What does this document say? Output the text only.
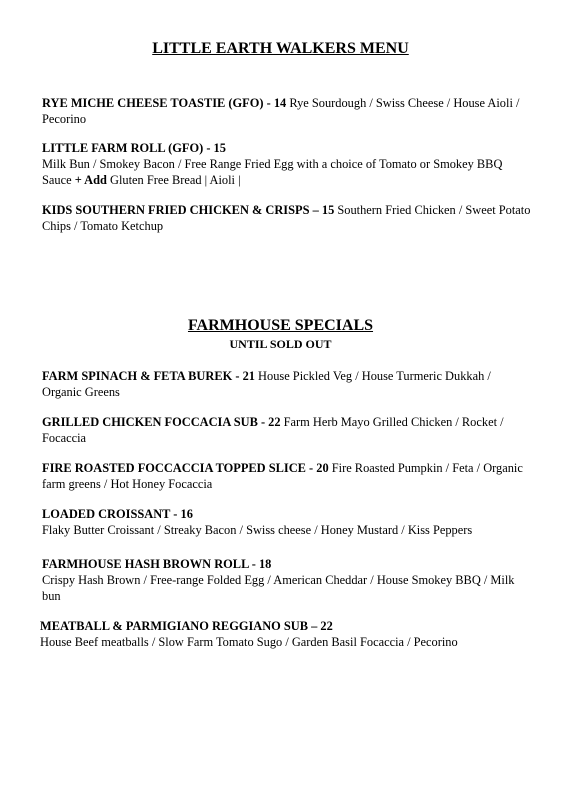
LITTLE EARTH WALKERS MENU

RYE MICHE CHEESE TOASTIE (GFO) - 14 Rye Sourdough / Swiss Cheese / House Aioli / Pecorino

LITTLE FARM ROLL (GFO) - 15
Milk Bun / Smokey Bacon / Free Range Fried Egg with a choice of Tomato or Smokey BBQ Sauce + Add Gluten Free Bread | Aioli |

KIDS SOUTHERN FRIED CHICKEN & CRISPS – 15 Southern Fried Chicken / Sweet Potato Chips / Tomato Ketchup

FARMHOUSE SPECIALS

UNTIL SOLD OUT

FARM SPINACH & FETA BUREK - 21 House Pickled Veg / House Turmeric Dukkah / Organic Greens

GRILLED CHICKEN FOCCACIA SUB - 22 Farm Herb Mayo Grilled Chicken / Rocket / Focaccia

FIRE ROASTED FOCCACCIA TOPPED SLICE - 20 Fire Roasted Pumpkin / Feta / Organic farm greens / Hot Honey Focaccia

LOADED CROISSANT - 16
Flaky Butter Croissant / Streaky Bacon / Swiss cheese / Honey Mustard / Kiss Peppers

FARMHOUSE HASH BROWN ROLL - 18
Crispy Hash Brown / Free-range Folded Egg / American Cheddar / House Smokey BBQ / Milk bun

MEATBALL & PARMIGIANO REGGIANO SUB – 22
House Beef meatballs / Slow Farm Tomato Sugo / Garden Basil Focaccia / Pecorino
